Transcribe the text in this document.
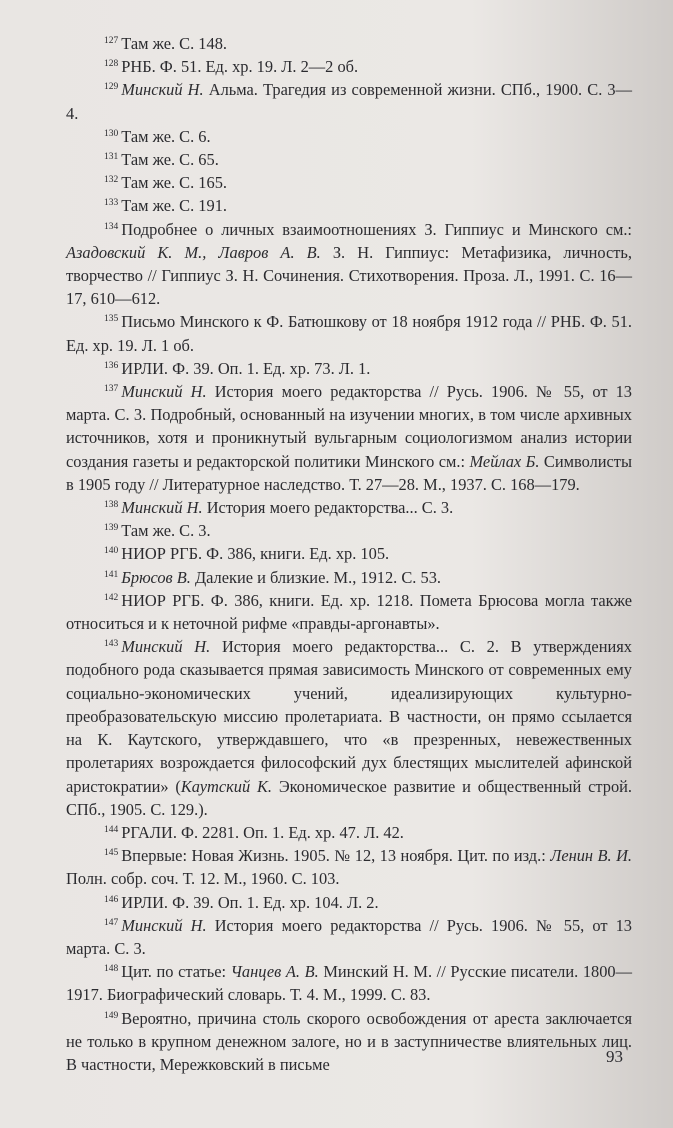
$^{127}$ Там же. С. 148.

$^{128}$ РНБ. Ф. 51. Ед. хр. 19. Л. 2—2 об.

$^{129}$ Минский Н. Альма. Трагедия из современной жизни. СПб., 1900. С. 3—4.

$^{130}$ Там же. С. 6.

$^{131}$ Там же. С. 65.

$^{132}$ Там же. С. 165.

$^{133}$ Там же. С. 191.

$^{134}$ Подробнее о личных взаимоотношениях З. Гиппиус и Минского см.: Азадовский К. М., Лавров А. В. З. Н. Гиппиус: Метафизика, личность, творчество // Гиппиус З. Н. Сочинения. Стихотворения. Проза. Л., 1991. С. 16—17, 610—612.

$^{135}$ Письмо Минского к Ф. Батюшкову от 18 ноября 1912 года // РНБ. Ф. 51. Ед. хр. 19. Л. 1 об.

$^{136}$ ИРЛИ. Ф. 39. Оп. 1. Ед. хр. 73. Л. 1.

$^{137}$ Минский Н. История моего редакторства // Русь. 1906. № 55, от 13 марта. С. 3. Подробный, основанный на изучении многих, в том числе архивных источников, хотя и проникнутый вульгарным социологизмом анализ истории создания газеты и редакторской политики Минского см.: Мейлах Б. Символисты в 1905 году // Литературное наследство. Т. 27—28. М., 1937. С. 168—179.

$^{138}$ Минский Н. История моего редакторства... С. 3.

$^{139}$ Там же. С. 3.

$^{140}$ НИОР РГБ. Ф. 386, книги. Ед. хр. 105.

$^{141}$ Брюсов В. Далекие и близкие. М., 1912. С. 53.

$^{142}$ НИОР РГБ. Ф. 386, книги. Ед. хр. 1218. Помета Брюсова могла также относиться и к неточной рифме «правды-аргонавты».

$^{143}$ Минский Н. История моего редакторства... С. 2. В утверждениях подобного рода сказывается прямая зависимость Минского от современных ему социально-экономических учений, идеализирующих культурно-преобразовательскую миссию пролетариата. В частности, он прямо ссылается на К. Каутского, утверждавшего, что «в презренных, невежественных пролетариях возрождается философский дух блестящих мыслителей афинской аристократии» (Каутский К. Экономическое развитие и общественный строй. СПб., 1905. С. 129.).

$^{144}$ РГАЛИ. Ф. 2281. Оп. 1. Ед. хр. 47. Л. 42.

$^{145}$ Впервые: Новая Жизнь. 1905. № 12, 13 ноября. Цит. по изд.: Ленин В. И. Полн. собр. соч. Т. 12. М., 1960. С. 103.

$^{146}$ ИРЛИ. Ф. 39. Оп. 1. Ед. хр. 104. Л. 2.

$^{147}$ Минский Н. История моего редакторства // Русь. 1906. № 55, от 13 марта. С. 3.

$^{148}$ Цит. по статье: Чанцев А. В. Минский Н. М. // Русские писатели. 1800—1917. Биографический словарь. Т. 4. М., 1999. С. 83.

$^{149}$ Вероятно, причина столь скорого освобождения от ареста заключается не только в крупном денежном залоге, но и в заступничестве влиятельных лиц. В частности, Мережковский в письме	93
